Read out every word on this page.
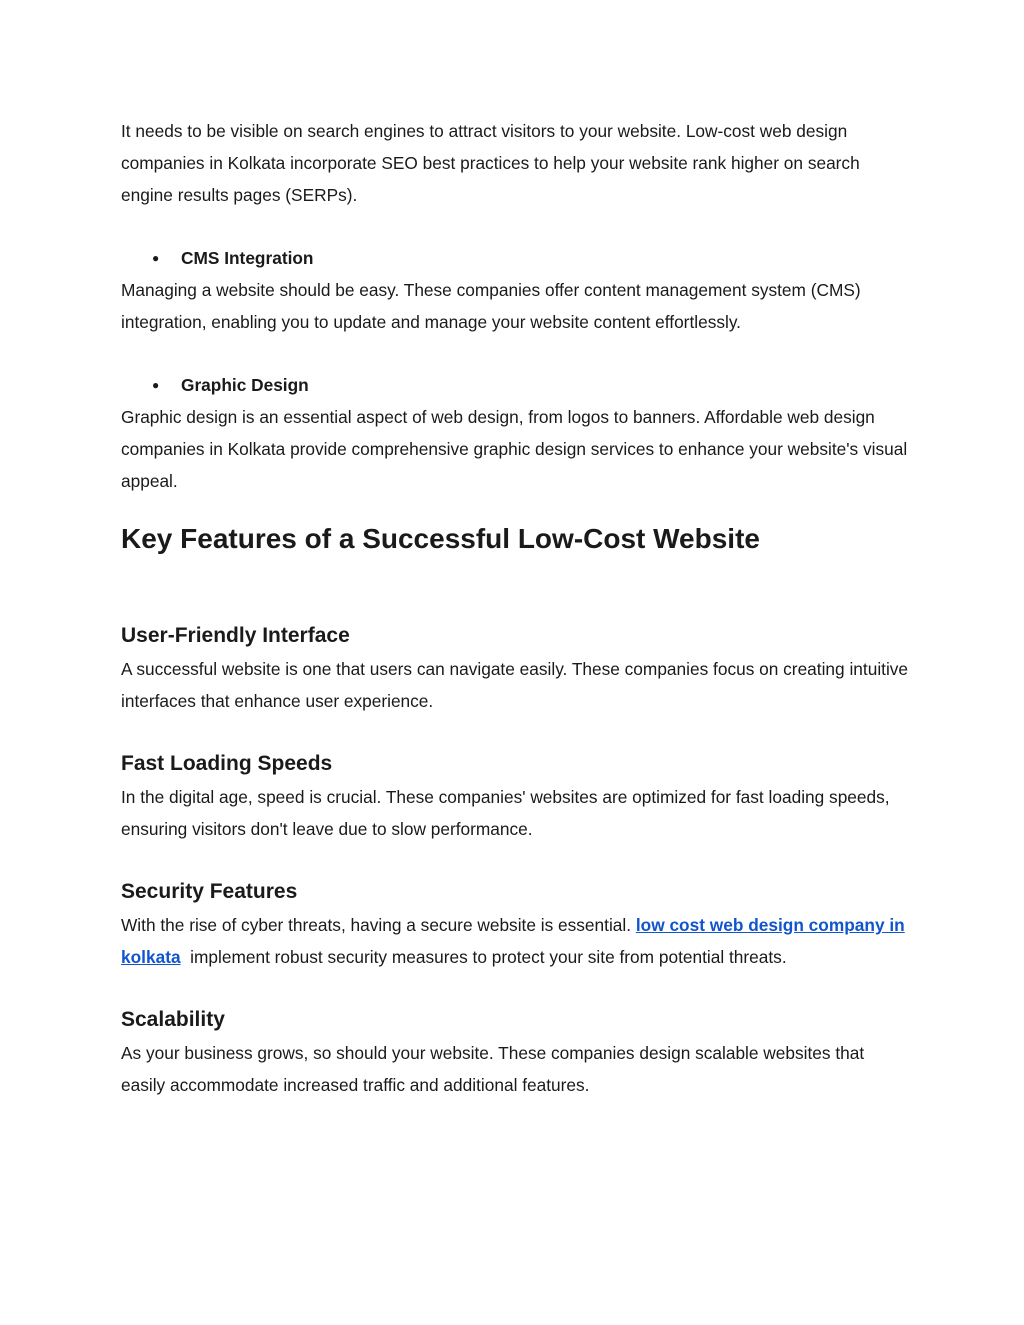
It needs to be visible on search engines to attract visitors to your website. Low-cost web design companies in Kolkata incorporate SEO best practices to help your website rank higher on search engine results pages (SERPs).

●	CMS Integration

Managing a website should be easy. These companies offer content management system (CMS) integration, enabling you to update and manage your website content effortlessly.

●	Graphic Design

Graphic design is an essential aspect of web design, from logos to banners. Affordable web design companies in Kolkata provide comprehensive graphic design services to enhance your website's visual appeal.

Key Features of a Successful Low-Cost Website
User-Friendly Interface

A successful website is one that users can navigate easily. These companies focus on creating intuitive interfaces that enhance user experience.

Fast Loading Speeds

In the digital age, speed is crucial. These companies' websites are optimized for fast loading speeds, ensuring visitors don't leave due to slow performance.

Security Features

With the rise of cyber threats, having a secure website is essential. low cost web design company in kolkata  implement robust security measures to protect your site from potential threats.

Scalability

As your business grows, so should your website. These companies design scalable websites that easily accommodate increased traffic and additional features.
